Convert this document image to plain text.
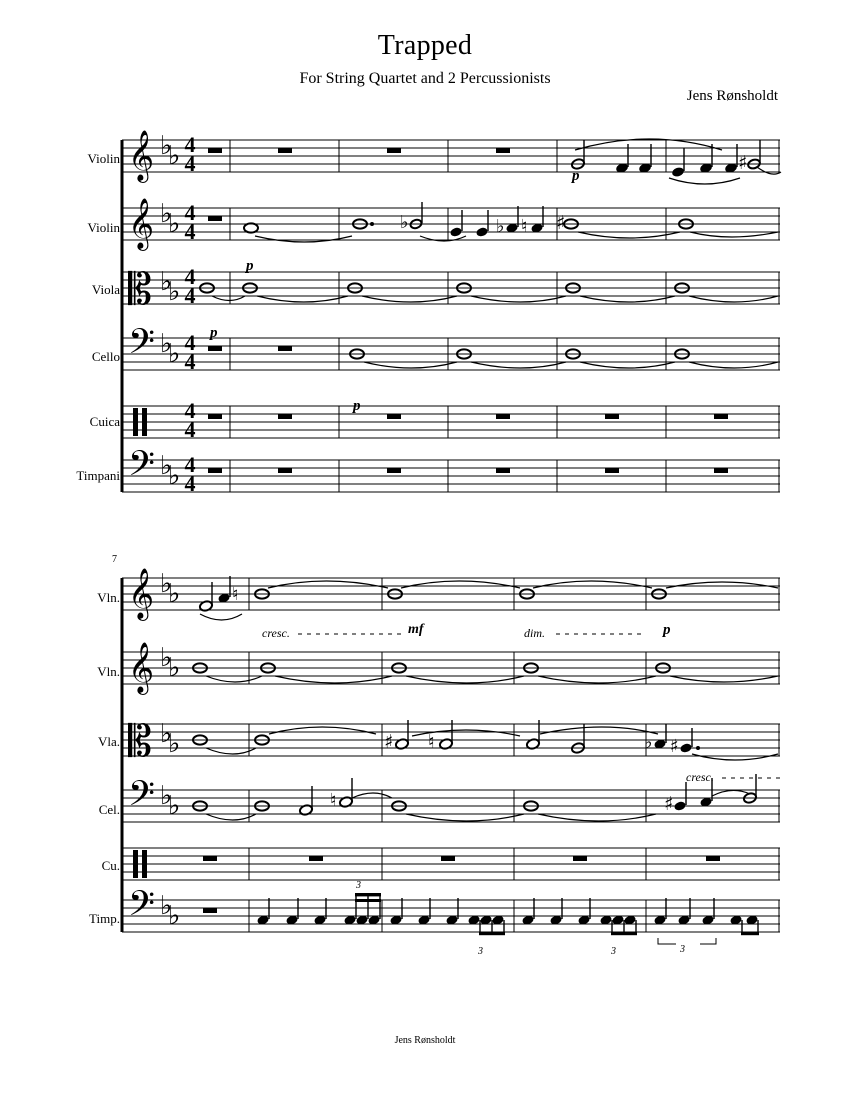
Trapped
For String Quartet and 2 Percussionists
Jens Rønsholdt
Jens Rønsholdt
Violin
Violin
Viola
Cello
Cuica
Timpani
p
p
p
p
𝄞
𝄞
𝄡
𝄢
𝄢
♭
♭
♭
♭
♭
♭
♭
♭
♭
♭
4
4
4
4
4
4
4
4
4
4
4
4
♯
♭	♭ ♮ ♯
7
Vln.
Vln.
Vla.
Cel.
Cu.
Timp.
cresc.	mf	dim.	p
cresc.
3
3	3	3
𝄞
𝄞
𝄡
𝄢
𝄢
♭
♭
♭
♭
♭
♭
♭
♭
♭
♭
♮
♯ ♮	♭ ♯
♮	♯
